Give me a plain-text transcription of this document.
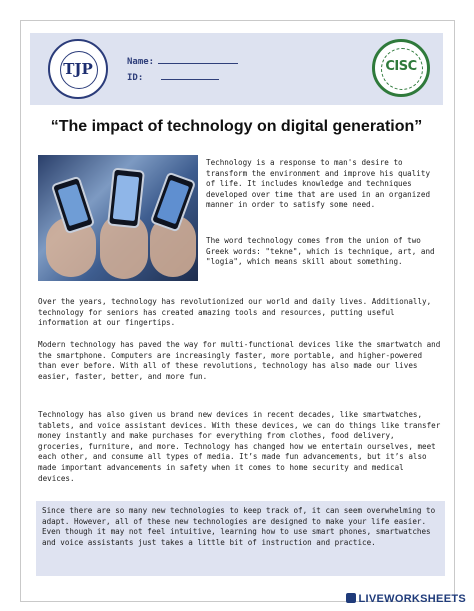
TJP	Name:
ID:
CISC
“The impact of technology on digital generation”

Technology is a response to man's desire to transform the environment and improve his quality of life. It includes knowledge and techniques developed over time that are used in an organized manner in order to satisfy some need.

The word technology comes from the union of two Greek words: "tekne", which is technique, art, and "logia", which means skill about something.

Over the years, technology has revolutionized our world and daily lives. Additionally, technology for seniors has created amazing tools and resources, putting useful information at our fingertips.

Modern technology has paved the way for multi-functional devices like the smartwatch and the smartphone. Computers are increasingly faster, more portable, and higher-powered than ever before. With all of these revolutions, technology has also made our lives easier, faster, better, and more fun.

Technology has also given us brand new devices in recent decades, like smartwatches, tablets, and voice assistant devices. With these devices, we can do things like transfer money instantly and make purchases for everything from clothes, food delivery, groceries, furniture, and more. Technology has changed how we entertain ourselves, meet each other, and consume all types of media. It’s made fun advancements, but it’s also made important advancements in safety when it comes to home security and medical devices.

Since there are so many new technologies to keep track of, it can seem overwhelming to adapt. However, all of these new technologies are designed to make your life easier. Even though it may not feel intuitive, learning how to use smart phones, smartwatches and voice assistants just takes a little bit of instruction and practice.

LIVEWORKSHEETS
